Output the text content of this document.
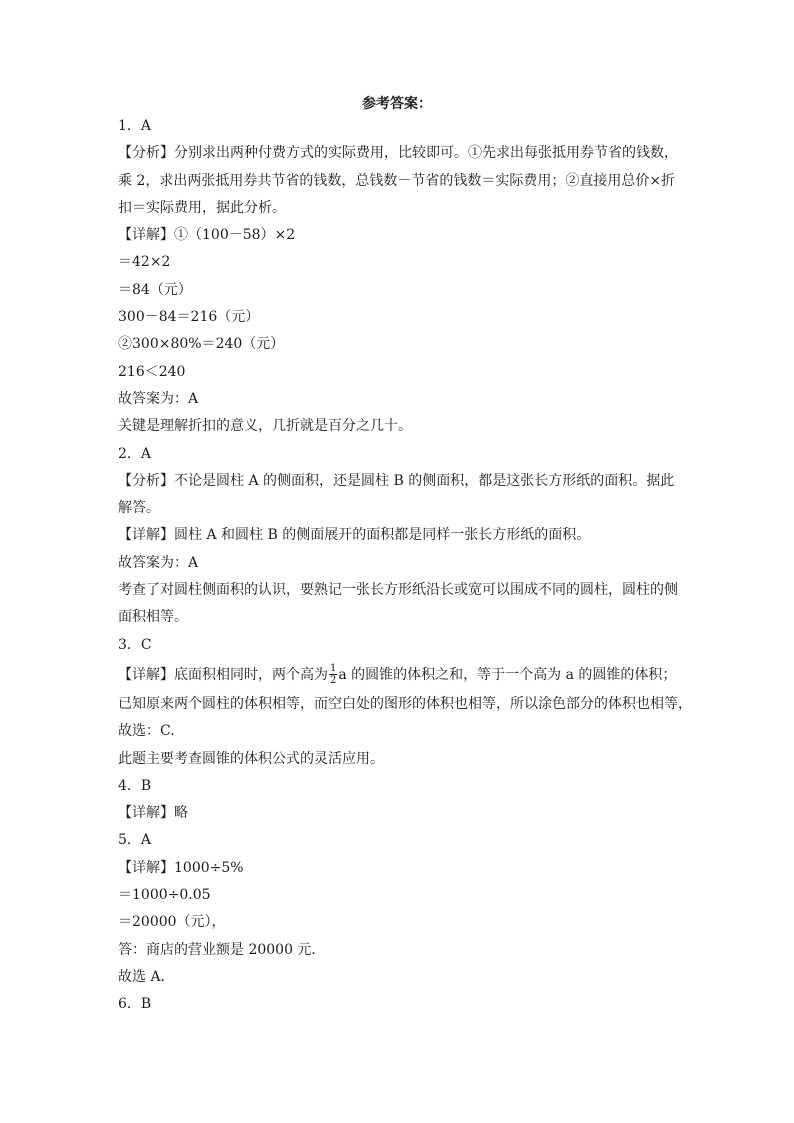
参考答案：
1．A
【分析】分别求出两种付费方式的实际费用，比较即可。①先求出每张抵用券节省的钱数，
乘 2，求出两张抵用券共节省的钱数，总钱数－节省的钱数＝实际费用；②直接用总价×折
扣＝实际费用，据此分析。
【详解】①（100－58）×2
＝42×2
＝84（元）
300－84＝216（元）
②300×80%＝240（元）
216＜240
故答案为：A
关键是理解折扣的意义，几折就是百分之几十。
2．A
【分析】不论是圆柱 A 的侧面积，还是圆柱 B 的侧面积，都是这张长方形纸的面积。据此
解答。
【详解】圆柱 A 和圆柱 B 的侧面展开的面积都是同样一张长方形纸的面积。
故答案为：A
考查了对圆柱侧面积的认识，要熟记一张长方形纸沿长或宽可以围成不同的圆柱，圆柱的侧
面积相等。
3．C
【详解】底面积相同时，两个高为 $\frac{1}{2}$ a 的圆锥的体积之和，等于一个高为 a 的圆锥的体积；
已知原来两个圆柱的体积相等，而空白处的图形的体积也相等，所以涂色部分的体积也相等，
故选：C.
此题主要考查圆锥的体积公式的灵活应用。
4．B
【详解】略
5．A
【详解】1000÷5%
＝1000÷0.05
＝20000（元），
答：商店的营业额是 20000 元．
故选 A．
6．B
